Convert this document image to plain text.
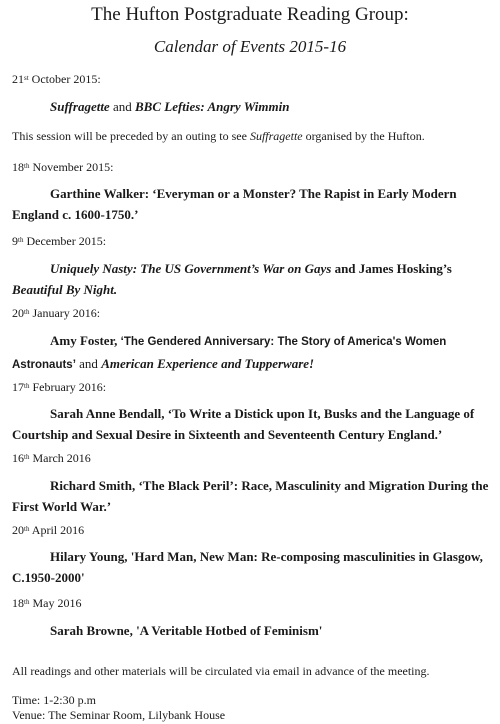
The Hufton Postgraduate Reading Group:
Calendar of Events 2015-16
21st October 2015:
Suffragette and BBC Lefties: Angry Wimmin
This session will be preceded by an outing to see Suffragette organised by the Hufton.
18th November 2015:
Garthine Walker: ‘Everyman or a Monster? The Rapist in Early Modern England c. 1600-1750.’
9th December 2015:
Uniquely Nasty: The US Government’s War on Gays and James Hosking’s Beautiful By Night.
20th January 2016:
Amy Foster, ‘The Gendered Anniversary: The Story of America's Women Astronauts’ and American Experience and Tupperware!
17th February 2016:
Sarah Anne Bendall, ‘To Write a Distick upon It, Busks and the Language of Courtship and Sexual Desire in Sixteenth and Seventeenth Century England.’
16th March 2016
Richard Smith, ‘The Black Peril’: Race, Masculinity and Migration During the First World War.’
20th April 2016
Hilary Young, 'Hard Man, New Man: Re-composing masculinities in Glasgow, C.1950-2000'
18th May 2016
Sarah Browne, 'A Veritable Hotbed of Feminism'
All readings and other materials will be circulated via email in advance of the meeting.
Time: 1-2:30 p.m
Venue: The Seminar Room, Lilybank House
